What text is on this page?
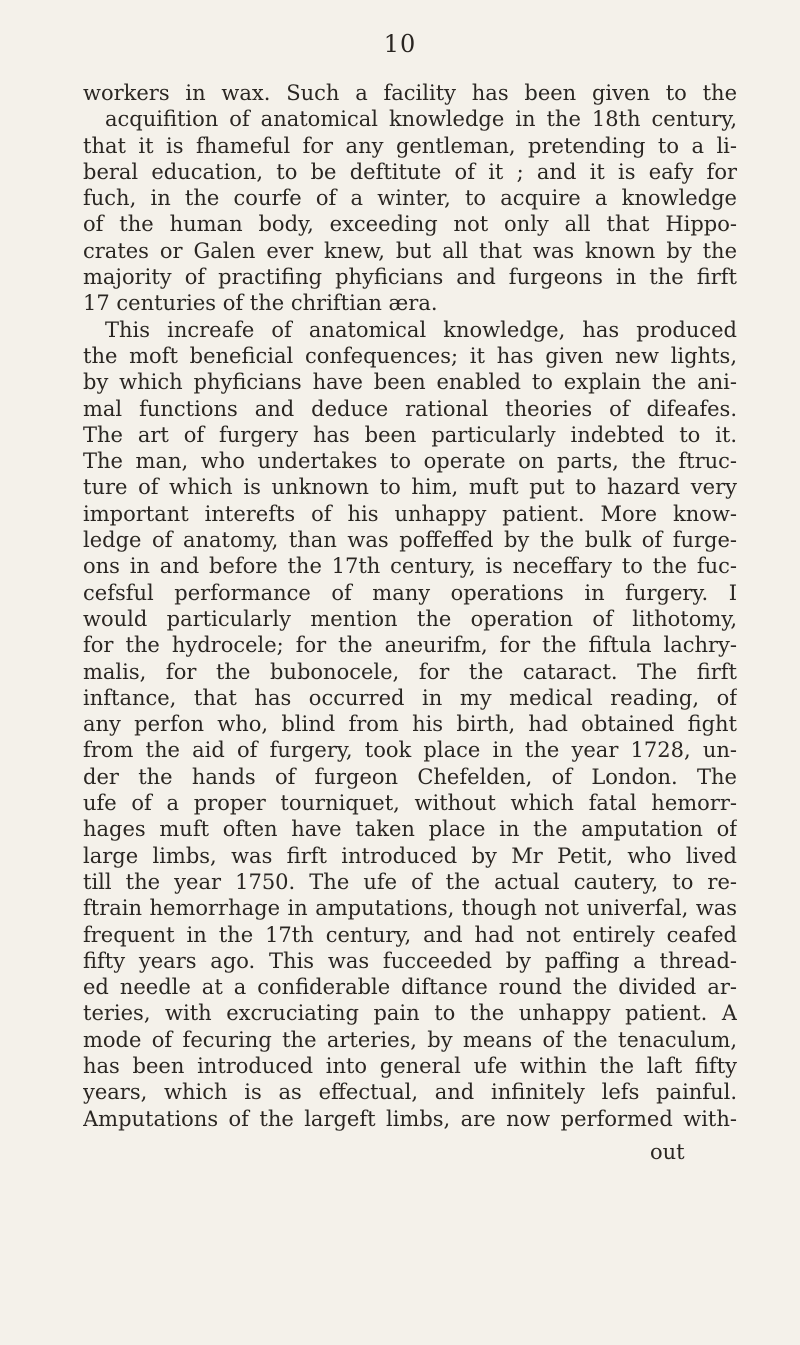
10
workers in wax. Such a facility has been given to the
acquifition of anatomical knowledge in the 18th century,
that it is fhameful for any gentleman, pretending to a li-
beral education, to be deftitute of it ; and it is eafy for
fuch, in the courfe of a winter, to acquire a knowledge
of the human body, exceeding not only all that Hippo-
crates or Galen ever knew, but all that was known by the
majority of practifing phyficians and furgeons in the firft
17 centuries of the chriftian æra.
This increafe of anatomical knowledge, has produced
the moft beneficial confequences; it has given new lights,
by which phyficians have been enabled to explain the ani-
mal functions and deduce rational theories of difeafes.
The art of furgery has been particularly indebted to it.
The man, who undertakes to operate on parts, the ftruc-
ture of which is unknown to him, muft put to hazard very
important interefts of his unhappy patient. More know-
ledge of anatomy, than was poffeffed by the bulk of furge-
ons in and before the 17th century, is neceffary to the fuc-
cefsful performance of many operations in furgery. I
would particularly mention the operation of lithotomy,
for the hydrocele; for the aneurifm, for the fiftula lachry-
malis, for the bubonocele, for the cataract. The firft
inftance, that has occurred in my medical reading, of
any perfon who, blind from his birth, had obtained fight
from the aid of furgery, took place in the year 1728, un-
der the hands of furgeon Chefelden, of London. The
ufe of a proper tourniquet, without which fatal hemorr-
hages muft often have taken place in the amputation of
large limbs, was firft introduced by Mr Petit, who lived
till the year 1750. The ufe of the actual cautery, to re-
ftrain hemorrhage in amputations, though not univerfal, was
frequent in the 17th century, and had not entirely ceafed
fifty years ago. This was fucceeded by paffing a thread-
ed needle at a confiderable diftance round the divided ar-
teries, with excruciating pain to the unhappy patient. A
mode of fecuring the arteries, by means of the tenaculum,
has been introduced into general ufe within the laft fifty
years, which is as effectual, and infinitely lefs painful.
Amputations of the largeft limbs, are now performed with-
out
